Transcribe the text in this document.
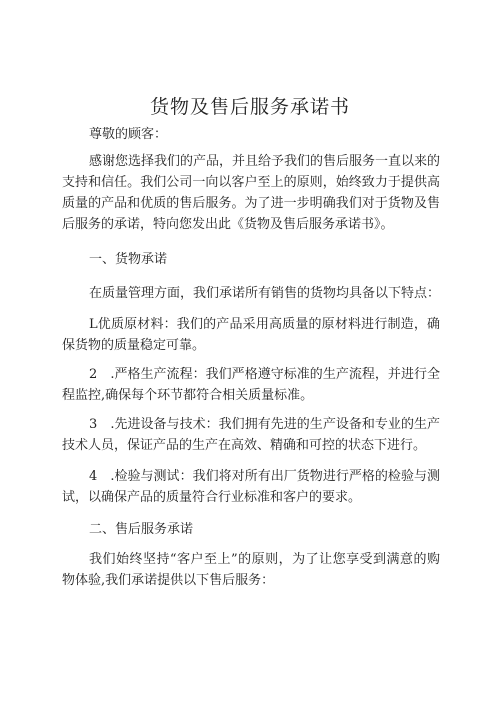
货物及售后服务承诺书

尊敬的顾客：

感谢您选择我们的产品，并且给予我们的售后服务一直以来的支持和信任。我们公司一向以客户至上的原则，始终致力于提供高质量的产品和优质的售后服务。为了进一步明确我们对于货物及售后服务的承诺，特向您发出此《货物及售后服务承诺书》。

一、货物承诺

在质量管理方面，我们承诺所有销售的货物均具备以下特点：

L优质原材料：我们的产品采用高质量的原材料进行制造，确保货物的质量稳定可靠。

2　.严格生产流程：我们严格遵守标准的生产流程，并进行全程监控,确保每个环节都符合相关质量标准。

3　.先进设备与技术：我们拥有先进的生产设备和专业的生产技术人员，保证产品的生产在高效、精确和可控的状态下进行。

4　.检验与测试：我们将对所有出厂货物进行严格的检验与测试，以确保产品的质量符合行业标准和客户的要求。

二、售后服务承诺

我们始终坚持“客户至上”的原则，为了让您享受到满意的购物体验,我们承诺提供以下售后服务：
